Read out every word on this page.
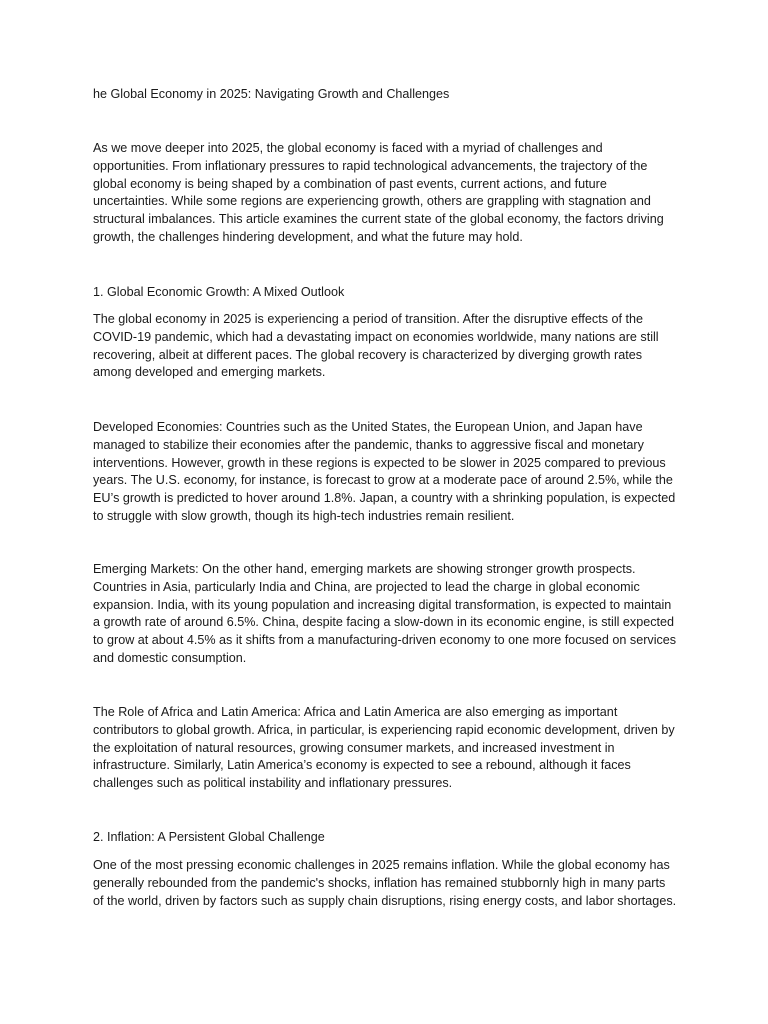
he Global Economy in 2025: Navigating Growth and Challenges

As we move deeper into 2025, the global economy is faced with a myriad of challenges and opportunities. From inflationary pressures to rapid technological advancements, the trajectory of the global economy is being shaped by a combination of past events, current actions, and future uncertainties. While some regions are experiencing growth, others are grappling with stagnation and structural imbalances. This article examines the current state of the global economy, the factors driving growth, the challenges hindering development, and what the future may hold.

1. Global Economic Growth: A Mixed Outlook

The global economy in 2025 is experiencing a period of transition. After the disruptive effects of the COVID-19 pandemic, which had a devastating impact on economies worldwide, many nations are still recovering, albeit at different paces. The global recovery is characterized by diverging growth rates among developed and emerging markets.

Developed Economies: Countries such as the United States, the European Union, and Japan have managed to stabilize their economies after the pandemic, thanks to aggressive fiscal and monetary interventions. However, growth in these regions is expected to be slower in 2025 compared to previous years. The U.S. economy, for instance, is forecast to grow at a moderate pace of around 2.5%, while the EU’s growth is predicted to hover around 1.8%. Japan, a country with a shrinking population, is expected to struggle with slow growth, though its high-tech industries remain resilient.

Emerging Markets: On the other hand, emerging markets are showing stronger growth prospects. Countries in Asia, particularly India and China, are projected to lead the charge in global economic expansion. India, with its young population and increasing digital transformation, is expected to maintain a growth rate of around 6.5%. China, despite facing a slow-down in its economic engine, is still expected to grow at about 4.5% as it shifts from a manufacturing-driven economy to one more focused on services and domestic consumption.

The Role of Africa and Latin America: Africa and Latin America are also emerging as important contributors to global growth. Africa, in particular, is experiencing rapid economic development, driven by the exploitation of natural resources, growing consumer markets, and increased investment in infrastructure. Similarly, Latin America’s economy is expected to see a rebound, although it faces challenges such as political instability and inflationary pressures.

2. Inflation: A Persistent Global Challenge

One of the most pressing economic challenges in 2025 remains inflation. While the global economy has generally rebounded from the pandemic's shocks, inflation has remained stubbornly high in many parts of the world, driven by factors such as supply chain disruptions, rising energy costs, and labor shortages.
